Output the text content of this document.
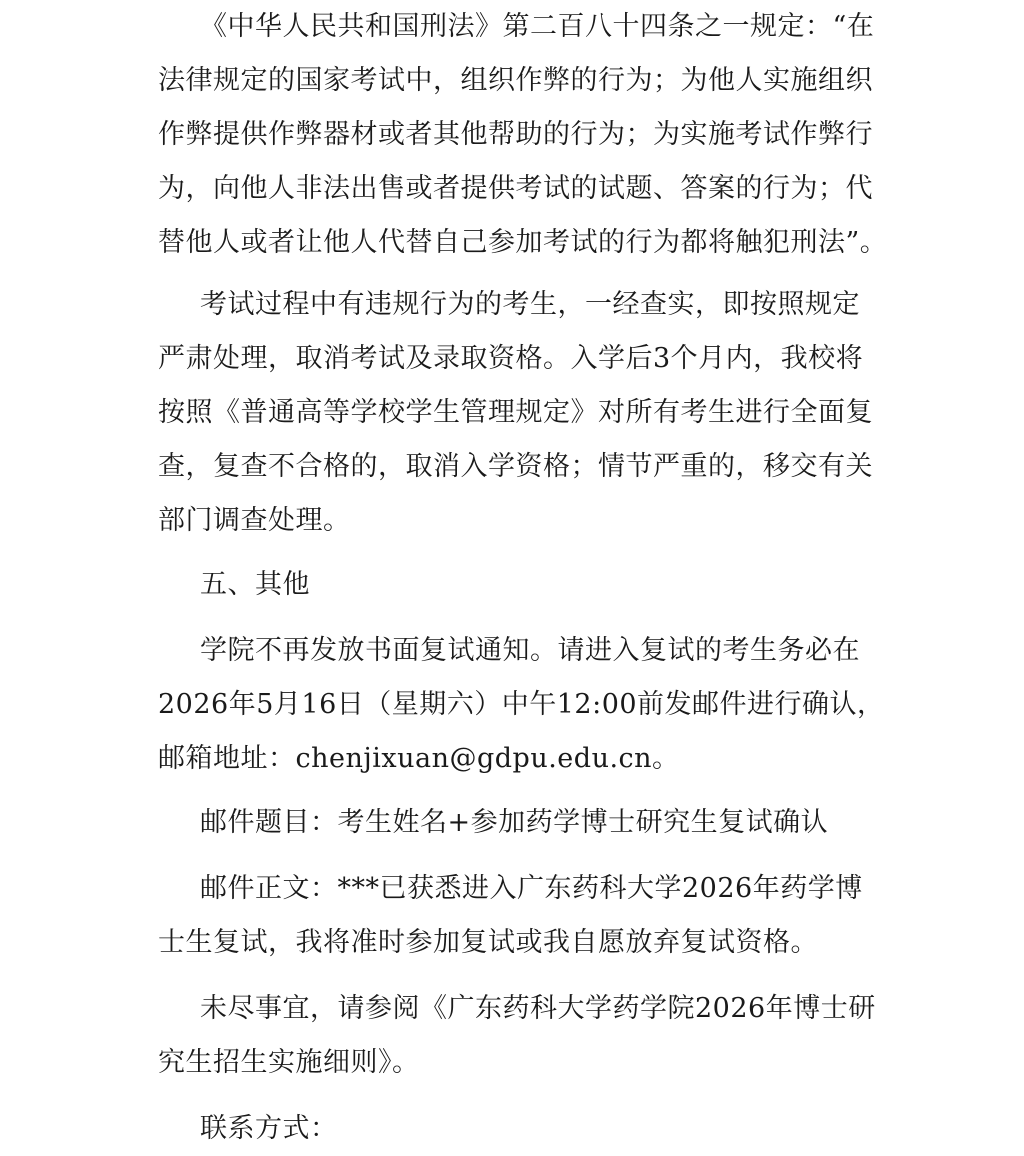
《中华人民共和国刑法》第二百八十四条之一规定：“在
法律规定的国家考试中，组织作弊的行为；为他人实施组织
作弊提供作弊器材或者其他帮助的行为；为实施考试作弊行
为，向他人非法出售或者提供考试的试题、答案的行为；代
替他人或者让他人代替自己参加考试的行为都将触犯刑法”。
考试过程中有违规行为的考生，一经查实，即按照规定
严肃处理，取消考试及录取资格。入学后3个月内，我校将
按照《普通高等学校学生管理规定》对所有考生进行全面复
查，复查不合格的，取消入学资格；情节严重的，移交有关
部门调查处理。
五、其他
学院不再发放书面复试通知。请进入复试的考生务必在
2026年5月16日（星期六）中午12:00前发邮件进行确认，
邮箱地址：chenjixuan@gdpu.edu.cn。
邮件题目：考生姓名+参加药学博士研究生复试确认
邮件正文：***已获悉进入广东药科大学2026年药学博
士生复试，我将准时参加复试或我自愿放弃复试资格。
未尽事宜，请参阅《广东药科大学药学院2026年博士研
究生招生实施细则》。
联系方式：
